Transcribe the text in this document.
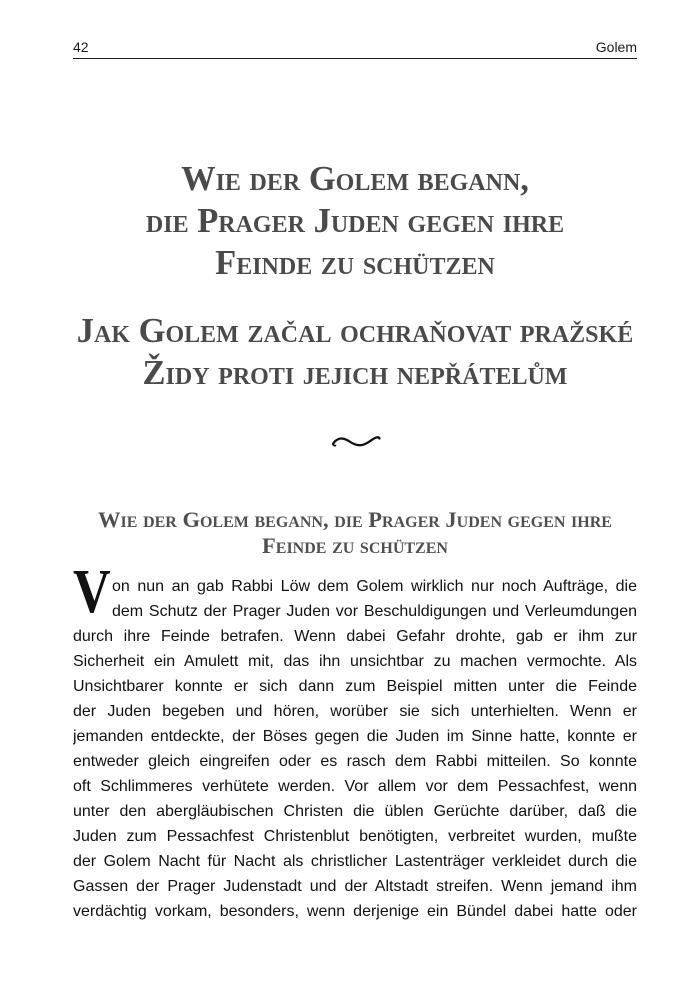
42	Golem
Wie der Golem begann,
die Prager Juden gegen ihre
Feinde zu schützen
Jak Golem začal ochraňovat pražské
Židy proti jejich nepřátelům
Wie der Golem begann, die Prager Juden gegen ihre
Feinde zu schützen
V on nun an gab Rabbi Löw dem Golem wirklich nur noch Aufträge, die
dem Schutz der Prager Juden vor Beschuldigungen und Verleumdungen
durch ihre Feinde betrafen. Wenn dabei Gefahr drohte, gab er ihm zur
Sicherheit ein Amulett mit, das ihn unsichtbar zu machen vermochte. Als
Unsichtbarer konnte er sich dann zum Beispiel mitten unter die Feinde
der Juden begeben und hören, worüber sie sich unterhielten. Wenn er
jemanden entdeckte, der Böses gegen die Juden im Sinne hatte, konnte er
entweder gleich eingreifen oder es rasch dem Rabbi mitteilen. So konnte
oft Schlimmeres verhütete werden. Vor allem vor dem Pessachfest, wenn
unter den abergläubischen Christen die üblen Gerüchte darüber, daß die
Juden zum Pessachfest Christenblut benötigten, verbreitet wurden, mußte
der Golem Nacht für Nacht als christlicher Lastenträger verkleidet durch die
Gassen der Prager Judenstadt und der Altstadt streifen. Wenn jemand ihm
verdächtig vorkam, besonders, wenn derjenige ein Bündel dabei hatte oder
